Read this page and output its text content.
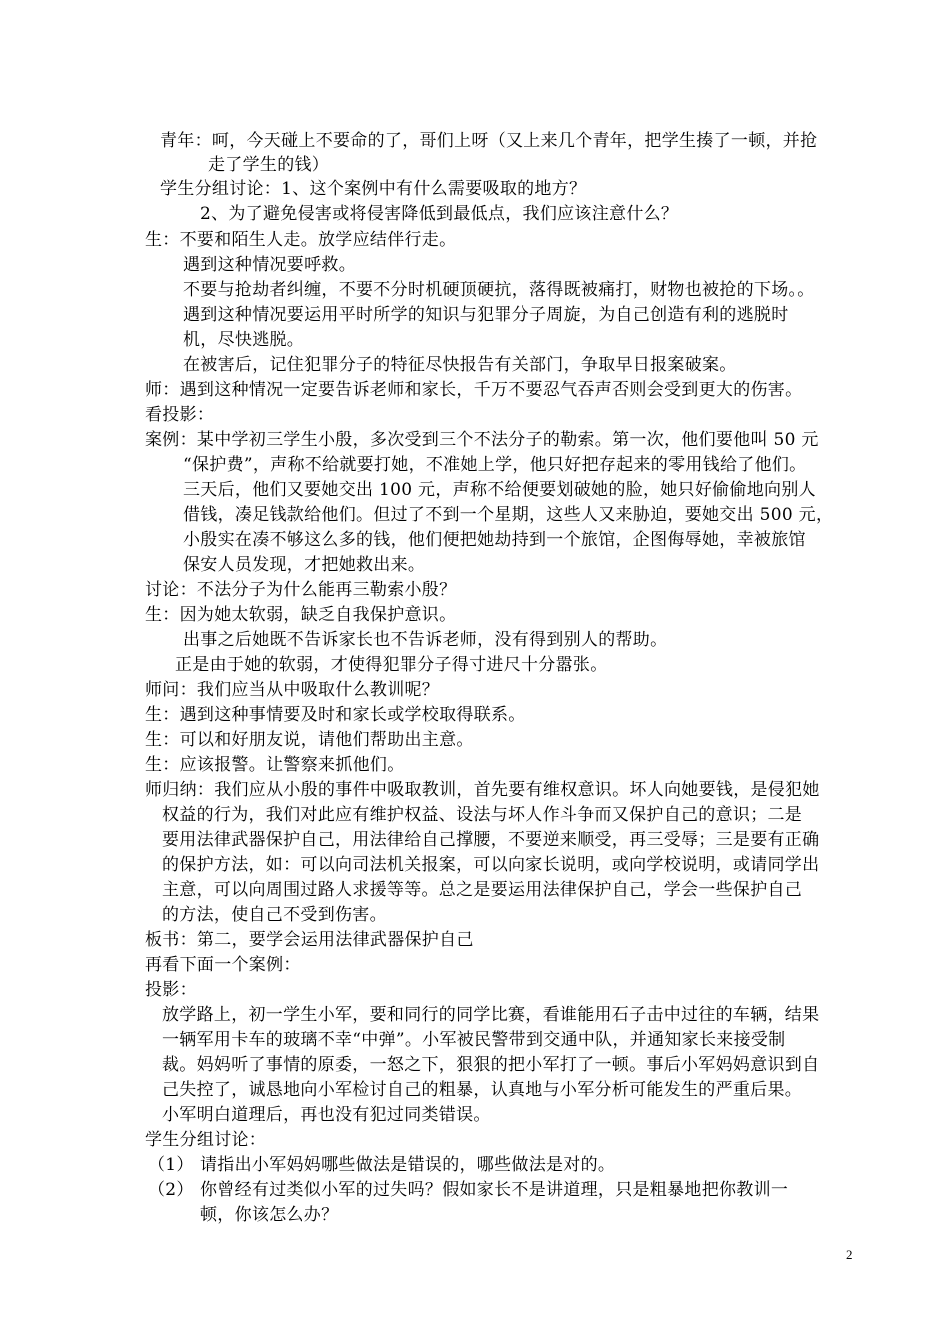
青年：呵，今天碰上不要命的了，哥们上呀（又上来几个青年，把学生揍了一顿，并抢
走了学生的钱）
学生分组讨论：1、这个案例中有什么需要吸取的地方？
2、为了避免侵害或将侵害降低到最低点，我们应该注意什么？
生：不要和陌生人走。放学应结伴行走。
遇到这种情况要呼救。
不要与抢劫者纠缠，不要不分时机硬顶硬抗，落得既被痛打，财物也被抢的下场。。
遇到这种情况要运用平时所学的知识与犯罪分子周旋，为自己创造有利的逃脱时
机，尽快逃脱。
在被害后，记住犯罪分子的特征尽快报告有关部门，争取早日报案破案。
师：遇到这种情况一定要告诉老师和家长，千万不要忍气吞声否则会受到更大的伤害。
看投影：
案例：某中学初三学生小殷，多次受到三个不法分子的勒索。第一次，他们要他叫 50 元
“保护费”，声称不给就要打她，不准她上学，他只好把存起来的零用钱给了他们。
三天后，他们又要她交出 100 元，声称不给便要划破她的脸，她只好偷偷地向别人
借钱，凑足钱款给他们。但过了不到一个星期，这些人又来胁迫，要她交出 500 元，
小殷实在凑不够这么多的钱，他们便把她劫持到一个旅馆，企图侮辱她，幸被旅馆
保安人员发现，才把她救出来。
讨论：不法分子为什么能再三勒索小殷？
生：因为她太软弱，缺乏自我保护意识。
出事之后她既不告诉家长也不告诉老师，没有得到别人的帮助。
正是由于她的软弱，才使得犯罪分子得寸进尺十分嚣张。
师问：我们应当从中吸取什么教训呢？
生：遇到这种事情要及时和家长或学校取得联系。
生：可以和好朋友说，请他们帮助出主意。
生：应该报警。让警察来抓他们。
师归纳：我们应从小殷的事件中吸取教训，首先要有维权意识。坏人向她要钱，是侵犯她
权益的行为，我们对此应有维护权益、设法与坏人作斗争而又保护自己的意识；二是
要用法律武器保护自己，用法律给自己撑腰，不要逆来顺受，再三受辱；三是要有正确
的保护方法，如：可以向司法机关报案，可以向家长说明，或向学校说明，或请同学出
主意，可以向周围过路人求援等等。总之是要运用法律保护自己，学会一些保护自己
的方法，使自己不受到伤害。
板书：第二，要学会运用法律武器保护自己
再看下面一个案例：
投影：
放学路上，初一学生小军，要和同行的同学比赛，看谁能用石子击中过往的车辆，结果
一辆军用卡车的玻璃不幸“中弹”。小军被民警带到交通中队，并通知家长来接受制
裁。妈妈听了事情的原委，一怒之下，狠狠的把小军打了一顿。事后小军妈妈意识到自
己失控了，诚恳地向小军检讨自己的粗暴，认真地与小军分析可能发生的严重后果。
小军明白道理后，再也没有犯过同类错误。
学生分组讨论：
（1） 请指出小军妈妈哪些做法是错误的，哪些做法是对的。
（2） 你曾经有过类似小军的过失吗？假如家长不是讲道理，只是粗暴地把你教训一
顿，你该怎么办？
2
